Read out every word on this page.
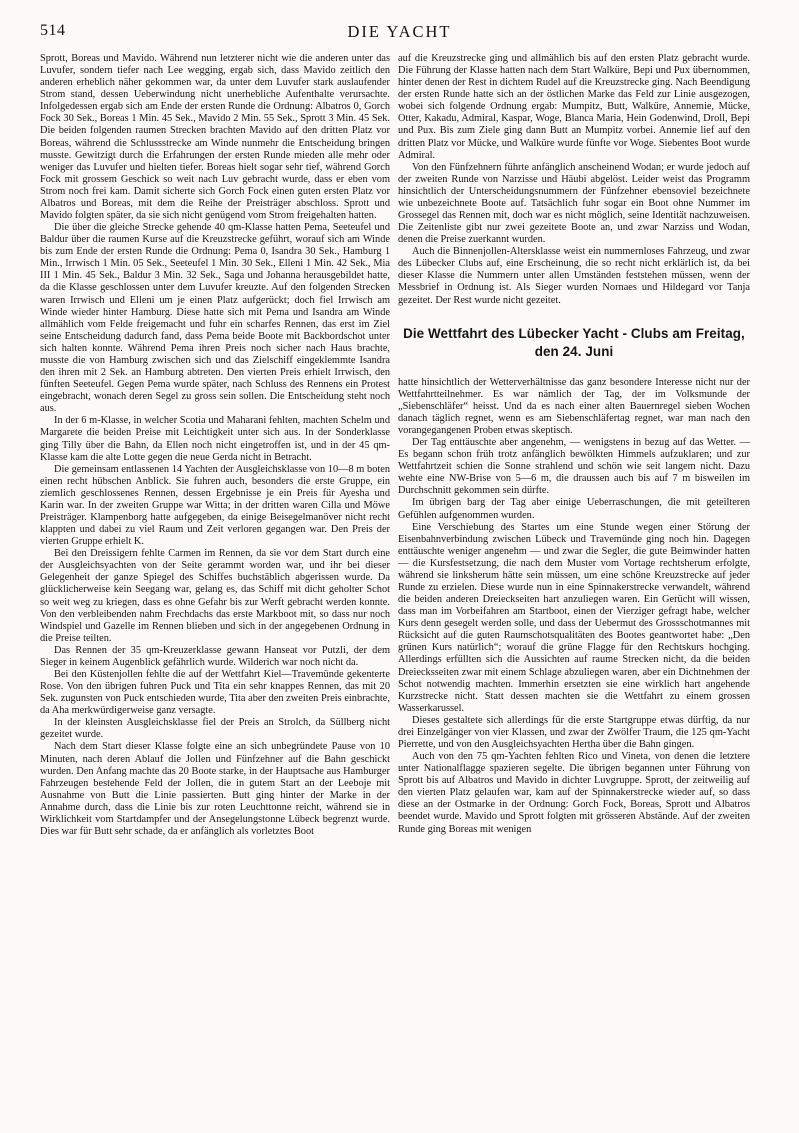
514	DIE YACHT

Sprott, Boreas und Mavido. Während nun letzterer nicht wie die anderen unter das Luvufer, sondern tiefer nach Lee wegging, ergab sich, dass Mavido zeitlich den anderen erheblich näher gekommen war, da unter dem Luvufer stark auslaufender Strom stand, dessen Ueberwindung nicht unerhebliche Aufenthalte verursachte. Infolgedessen ergab sich am Ende der ersten Runde die Ordnung: Albatros 0, Gorch Fock 30 Sek., Boreas 1 Min. 45 Sek., Mavido 2 Min. 55 Sek., Sprott 3 Min. 45 Sek. Die beiden folgenden raumen Strecken brachten Mavido auf den dritten Platz vor Boreas, während die Schlussstrecke am Winde nunmehr die Entscheidung bringen musste. Gewitzigt durch die Erfahrungen der ersten Runde mieden alle mehr oder weniger das Luvufer und hielten tiefer. Boreas hielt sogar sehr tief, während Gorch Fock mit grossem Geschick so weit nach Luv gebracht wurde, dass er eben vom Strom noch frei kam. Damit sicherte sich Gorch Fock einen guten ersten Platz vor Albatros und Boreas, mit dem die Reihe der Preisträger abschloss. Sprott und Mavido folgten später, da sie sich nicht genügend vom Strom freigehalten hatten.

Die über die gleiche Strecke gehende 40 qm-Klasse hatten Pema, Seeteufel und Baldur über die raumen Kurse auf die Kreuzstrecke geführt, worauf sich am Winde bis zum Ende der ersten Runde die Ordnung: Pema 0, Isandra 30 Sek., Hamburg 1 Min., Irrwisch 1 Min. 05 Sek., Seeteufel 1 Min. 30 Sek., Elleni 1 Min. 42 Sek., Mia III 1 Min. 45 Sek., Baldur 3 Min. 32 Sek., Saga und Johanna herausgebildet hatte, da die Klasse geschlossen unter dem Luvufer kreuzte. Auf den folgenden Strecken waren Irrwisch und Elleni um je einen Platz aufgerückt; doch fiel Irrwisch am Winde wieder hinter Hamburg. Diese hatte sich mit Pema und Isandra am Winde allmählich vom Felde freigemacht und fuhr ein scharfes Rennen, das erst im Ziel seine Entscheidung dadurch fand, dass Pema beide Boote mit Backbordschot unter sich halten konnte. Während Pema ihren Preis noch sicher nach Haus brachte, musste die von Hamburg zwischen sich und das Zielschiff eingeklemmte Isandra den ihren mit 2 Sek. an Hamburg abtreten. Den vierten Preis erhielt Irrwisch, den fünften Seeteufel. Gegen Pema wurde später, nach Schluss des Rennens ein Protest eingebracht, wonach deren Segel zu gross sein sollen. Die Entscheidung steht noch aus.

In der 6 m-Klasse, in welcher Scotia und Maharani fehlten, machten Schelm und Margarete die beiden Preise mit Leichtigkeit unter sich aus. In der Sonderklasse ging Tilly über die Bahn, da Ellen noch nicht eingetroffen ist, und in der 45 qm-Klasse kam die alte Lotte gegen die neue Gerda nicht in Betracht.

Die gemeinsam entlassenen 14 Yachten der Ausgleichsklasse von 10—8 m boten einen recht hübschen Anblick. Sie fuhren auch, besonders die erste Gruppe, ein ziemlich geschlossenes Rennen, dessen Ergebnisse je ein Preis für Ayesha und Karin war. In der zweiten Gruppe war Witta; in der dritten waren Cilla und Möwe Preisträger. Klampenborg hatte aufgegeben, da einige Beisegelmanöver nicht recht klappten und dabei zu viel Raum und Zeit verloren gegangen war. Den Preis der vierten Gruppe erhielt K.

Bei den Dreissigern fehlte Carmen im Rennen, da sie vor dem Start durch eine der Ausgleichsyachten von der Seite gerammt worden war, und ihr bei dieser Gelegenheit der ganze Spiegel des Schiffes buchstäblich abgerissen wurde. Da glücklicherweise kein Seegang war, gelang es, das Schiff mit dicht geholter Schot so weit weg zu kriegen, dass es ohne Gefahr bis zur Werft gebracht werden konnte. Von den verbleibenden nahm Frechdachs das erste Markboot mit, so dass nur noch Windspiel und Gazelle im Rennen blieben und sich in der angegebenen Ordnung in die Preise teilten.

Das Rennen der 35 qm-Kreuzerklasse gewann Hanseat vor Putzli, der dem Sieger in keinem Augenblick gefährlich wurde. Wilderich war noch nicht da.

Bei den Küstenjollen fehlte die auf der Wettfahrt Kiel—Travemünde gekenterte Rose. Von den übrigen fuhren Puck und Tita ein sehr knappes Rennen, das mit 20 Sek. zugunsten von Puck entschieden wurde, Tita aber den zweiten Preis einbrachte, da Aha merkwürdigerweise ganz versagte.

In der kleinsten Ausgleichsklasse fiel der Preis an Strolch, da Süllberg nicht gezeitet wurde.

Nach dem Start dieser Klasse folgte eine an sich unbegründete Pause von 10 Minuten, nach deren Ablauf die Jollen und Fünfzehner auf die Bahn geschickt wurden. Den Anfang machte das 20 Boote starke, in der Hauptsache aus Hamburger Fahrzeugen bestehende Feld der Jollen, die in gutem Start an der Leeboje mit Ausnahme von Butt die Linie passierten. Butt ging hinter der Marke in der Annahme durch, dass die Linie bis zur roten Leuchttonne reicht, während sie in Wirklichkeit vom Startdampfer und der Ansegelungstonne Lübeck begrenzt wurde. Dies war für Butt sehr schade, da er anfänglich als vorletztes Boot

auf die Kreuzstrecke ging und allmählich bis auf den ersten Platz gebracht wurde. Die Führung der Klasse hatten nach dem Start Walküre, Bepi und Pux übernommen, hinter denen der Rest in dichtem Rudel auf die Kreuzstrecke ging. Nach Beendigung der ersten Runde hatte sich an der östlichen Marke das Feld zur Linie ausgezogen, wobei sich folgende Ordnung ergab: Mumpitz, Butt, Walküre, Annemie, Mücke, Otter, Kakadu, Admiral, Kaspar, Woge, Blanca Maria, Hein Godenwind, Droll, Bepi und Pux. Bis zum Ziele ging dann Butt an Mumpitz vorbei. Annemie lief auf den dritten Platz vor Mücke, und Walküre wurde fünfte vor Woge. Siebentes Boot wurde Admiral.

Von den Fünfzehnern führte anfänglich anscheinend Wodan; er wurde jedoch auf der zweiten Runde von Narzisse und Häubi abgelöst. Leider weist das Programm hinsichtlich der Unterscheidungsnummern der Fünfzehner ebensoviel bezeichnete wie unbezeichnete Boote auf. Tatsächlich fuhr sogar ein Boot ohne Nummer im Grossegel das Rennen mit, doch war es nicht möglich, seine Identität nachzuweisen. Die Zeitenliste gibt nur zwei gezeitete Boote an, und zwar Narziss und Wodan, denen die Preise zuerkannt wurden.

Auch die Binnenjollen-Altersklasse weist ein nummernloses Fahrzeug, und zwar des Lübecker Clubs auf, eine Erscheinung, die so recht nicht erklärlich ist, da bei dieser Klasse die Nummern unter allen Umständen feststehen müssen, wenn der Messbrief in Ordnung ist. Als Sieger wurden Nornaes und Hildegard vor Tanja gezeitet. Der Rest wurde nicht gezeitet.

Die Wettfahrt des Lübecker Yacht - Clubs am Freitag, den 24. Juni

hatte hinsichtlich der Wetterverhältnisse das ganz besondere Interesse nicht nur der Wettfahrtteilnehmer. Es war nämlich der Tag, der im Volksmunde der „Siebenschläfer“ heisst. Und da es nach einer alten Bauernregel sieben Wochen danach täglich regnet, wenn es am Siebenschläfertag regnet, war man nach den vorangegangenen Proben etwas skeptisch.

Der Tag enttäuschte aber angenehm, — wenigstens in bezug auf das Wetter. — Es begann schon früh trotz anfänglich bewölkten Himmels aufzuklaren; und zur Wettfahrtzeit schien die Sonne strahlend und schön wie seit langem nicht. Dazu wehte eine NW-Brise von 5—6 m, die draussen auch bis auf 7 m bisweilen im Durchschnitt gekommen sein dürfte.

Im übrigen barg der Tag aber einige Ueberraschungen, die mit geteilteren Gefühlen aufgenommen wurden.

Eine Verschiebung des Startes um eine Stunde wegen einer Störung der Eisenbahnverbindung zwischen Lübeck und Travemünde ging noch hin. Dagegen enttäuschte weniger angenehm — und zwar die Segler, die gute Beimwinder hatten — die Kursfestsetzung, die nach dem Muster vom Vortage rechtsherum erfolgte, während sie linksherum hätte sein müssen, um eine schöne Kreuzstrecke auf jeder Runde zu erzielen. Diese wurde nun in eine Spinnakerstrecke verwandelt, während die beiden anderen Dreieckseiten hart anzuliegen waren. Ein Gerücht will wissen, dass man im Vorbeifahren am Startboot, einen der Vierziger gefragt habe, welcher Kurs denn gesegelt werden solle, und dass der Uebermut des Grossschotmannes mit Rücksicht auf die guten Raumschotsqualitäten des Bootes geantwortet habe: „Den grünen Kurs natürlich“; worauf die grüne Flagge für den Rechtskurs hochging. Allerdings erfüllten sich die Aussichten auf raume Strecken nicht, da die beiden Dreiecksseiten zwar mit einem Schlage abzuliegen waren, aber ein Dichtnehmen der Schot notwendig machten. Immerhin ersetzten sie eine wirklich hart angehende Kurzstrecke nicht. Statt dessen machten sie die Wettfahrt zu einem grossen Wasserkarussel.

Dieses gestaltete sich allerdings für die erste Startgruppe etwas dürftig, da nur drei Einzelgänger von vier Klassen, und zwar der Zwölfer Traum, die 125 qm-Yacht Pierrette, und von den Ausgleichsyachten Hertha über die Bahn gingen.

Auch von den 75 qm-Yachten fehlten Rico und Vineta, von denen die letztere unter Nationalflagge spazieren segelte. Die übrigen begannen unter Führung von Sprott bis auf Albatros und Mavido in dichter Luvgruppe. Sprott, der zeitweilig auf den vierten Platz gelaufen war, kam auf der Spinnakerstrecke wieder auf, so dass diese an der Ostmarke in der Ordnung: Gorch Fock, Boreas, Sprott und Albatros beendet wurde. Mavido und Sprott folgten mit grösseren Abstände. Auf der zweiten Runde ging Boreas mit wenigen
